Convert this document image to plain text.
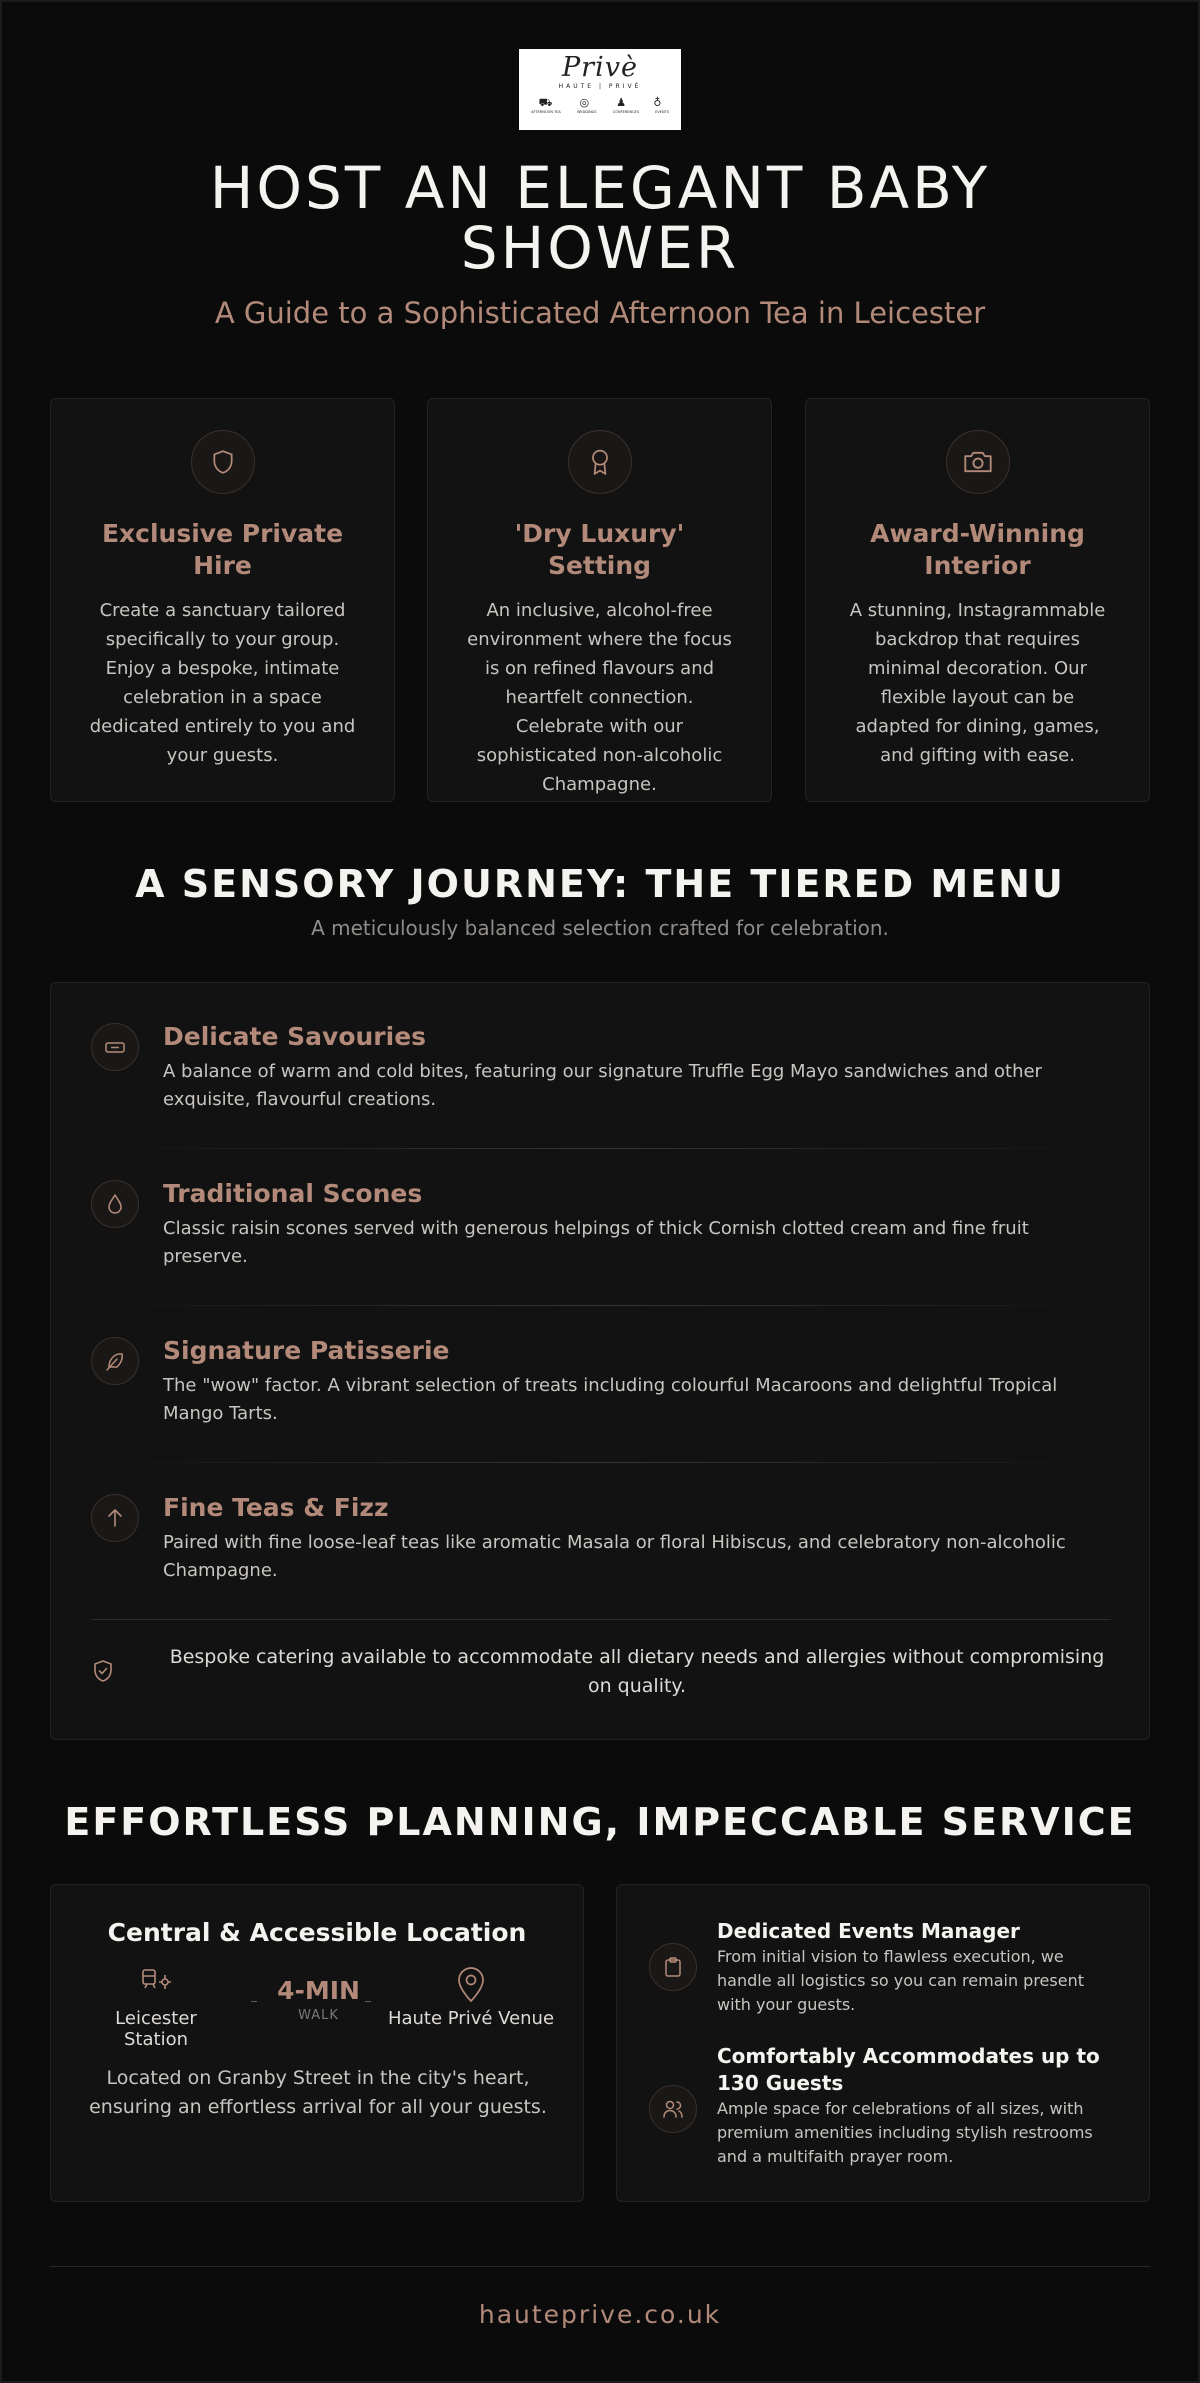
Privè
HAUTE | PRIVÈ
⛟ ◎ ♟ ♁
AFTERNOON TEA	WEDDINGS	CONFERENCES	EVENTS
HOST AN ELEGANT BABY SHOWER
A Guide to a Sophisticated Afternoon Tea in Leicester
Exclusive Private Hire

Create a sanctuary tailored specifically to your group. Enjoy a bespoke, intimate celebration in a space dedicated entirely to you and your guests.

'Dry Luxury' Setting

An inclusive, alcohol-free environment where the focus is on refined flavours and heartfelt connection. Celebrate with our sophisticated non-alcoholic Champagne.

Award-Winning Interior

A stunning, Instagrammable backdrop that requires minimal decoration. Our flexible layout can be adapted for dining, games, and gifting with ease.

A SENSORY JOURNEY: THE TIERED MENU
A meticulously balanced selection crafted for celebration.
Delicate Savouries

A balance of warm and cold bites, featuring our signature Truffle Egg Mayo sandwiches and other exquisite, flavourful creations.

Traditional Scones

Classic raisin scones served with generous helpings of thick Cornish clotted cream and fine fruit preserve.

Signature Patisserie

The "wow" factor. A vibrant selection of treats including colourful Macaroons and delightful Tropical Mango Tarts.

Fine Teas & Fizz

Paired with fine loose-leaf teas like aromatic Masala or floral Hibiscus, and celebratory non-alcoholic Champagne.

Bespoke catering available to accommodate all dietary needs and allergies without compromising on quality.

EFFORTLESS PLANNING, IMPECCABLE SERVICE
Central & Accessible Location
Leicester Station
4-MIN
WALK	Haute Privé Venue
Located on Granby Street in the city's heart, ensuring an effortless arrival for all your guests.
Dedicated Events Manager

From initial vision to flawless execution, we handle all logistics so you can remain present with your guests.

Comfortably Accommodates up to 130 Guests

Ample space for celebrations of all sizes, with premium amenities including stylish restrooms and a multifaith prayer room.

hauteprive.co.uk
